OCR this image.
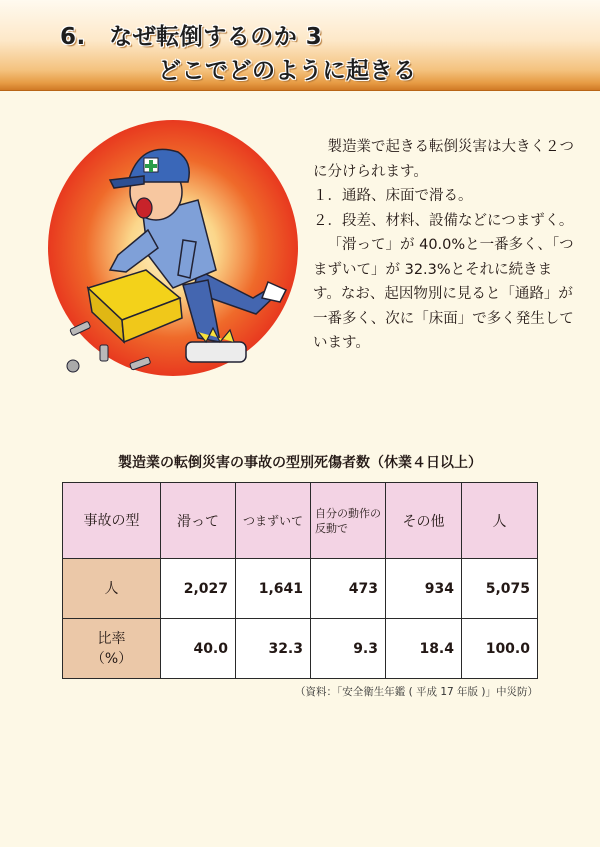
6.　なぜ転倒するのか 3
どこでどのように起きる

製造業で起きる転倒災害は大きく２つに分けられます。

１．通路、床面で滑る。

２．段差、材料、設備などにつまずく。

「滑って」が 40.0%と一番多く、「つまずいて」が 32.3%とそれに続きます。なお、起因物別に見ると「通路」が一番多く、次に「床面」で多く発生しています。

製造業の転倒災害の事故の型別死傷者数（休業４日以上）
事故の型	滑って	つまずいて	自分の動作の反動で	その他	人
人	2,027	1,641	473	934	5,075

比率
（%）	40.0	32.3	9.3	18.4	100.0
（資料：「安全衛生年鑑 ( 平成 17 年版 )」中災防）
